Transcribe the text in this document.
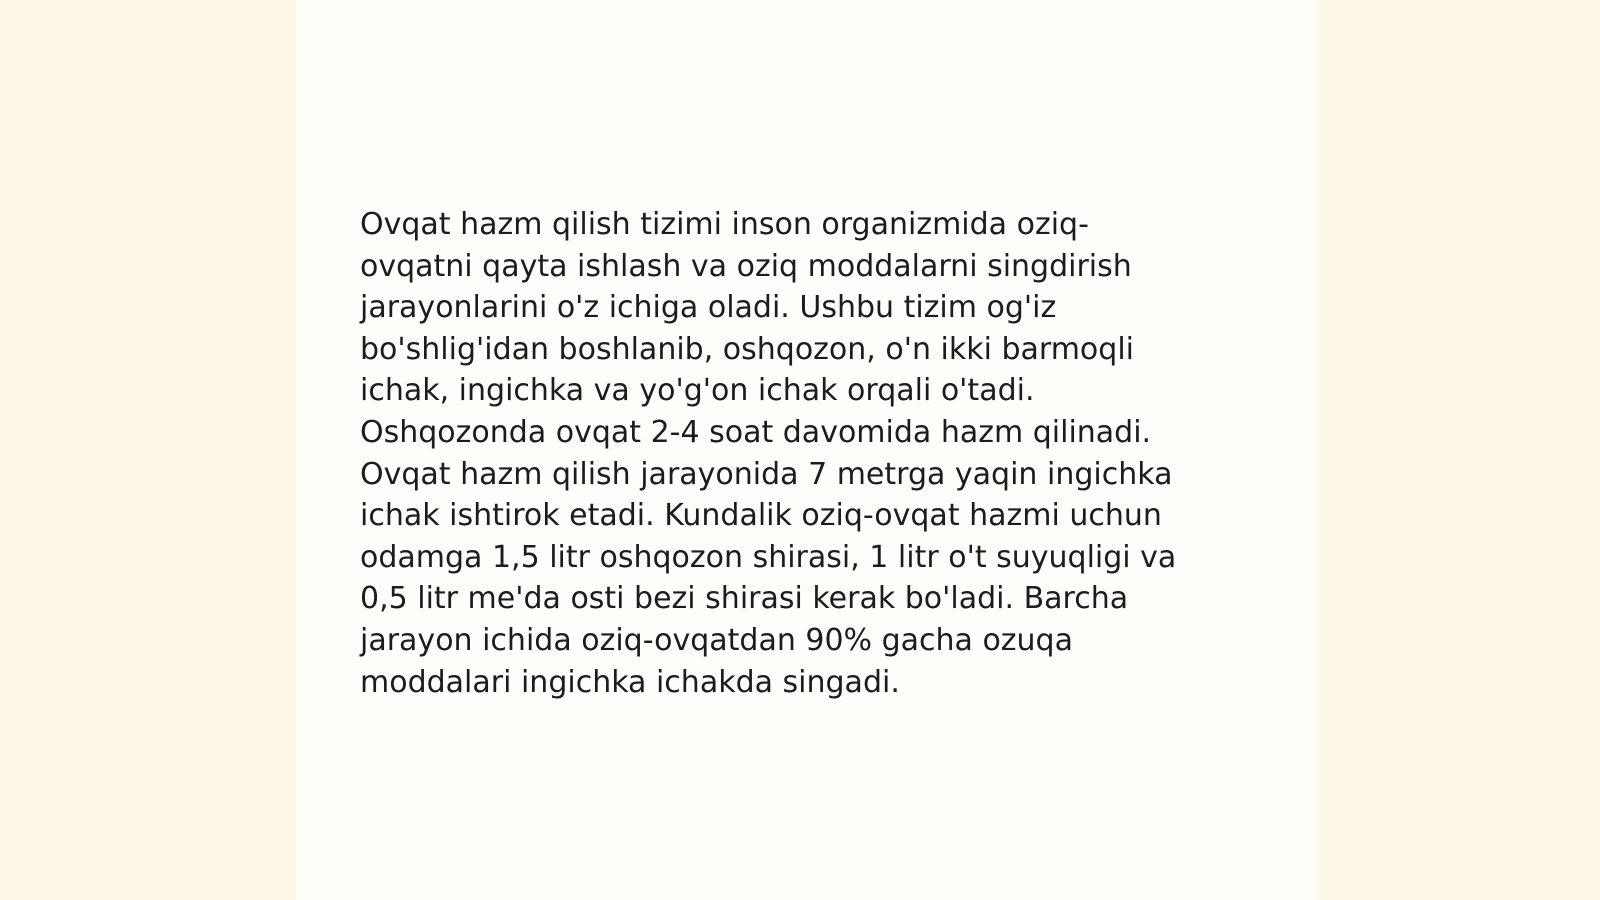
Ovqat hazm qilish tizimi inson organizmida oziq-
ovqatni qayta ishlash va oziq moddalarni singdirish
jarayonlarini o'z ichiga oladi. Ushbu tizim og'iz
bo'shlig'idan boshlanib, oshqozon, o'n ikki barmoqli
ichak, ingichka va yo'g'on ichak orqali o'tadi.
Oshqozonda ovqat 2-4 soat davomida hazm qilinadi.
Ovqat hazm qilish jarayonida 7 metrga yaqin ingichka
ichak ishtirok etadi. Kundalik oziq-ovqat hazmi uchun
odamga 1,5 litr oshqozon shirasi, 1 litr o't suyuqligi va
0,5 litr me'da osti bezi shirasi kerak bo'ladi. Barcha
jarayon ichida oziq-ovqatdan 90% gacha ozuqa
moddalari ingichka ichakda singadi.
